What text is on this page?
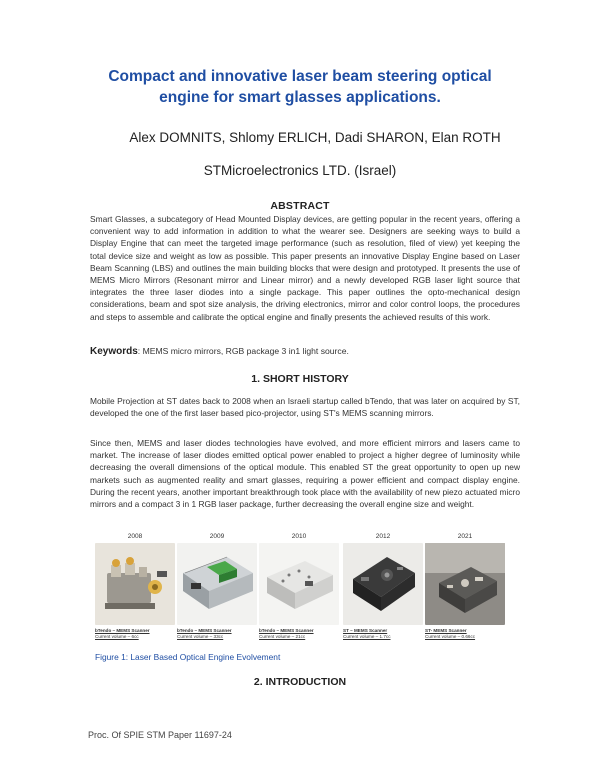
Compact and innovative laser beam steering optical
engine for smart glasses applications.
Alex DOMNITS, Shlomy ERLICH, Dadi SHARON, Elan ROTH
STMicroelectronics LTD. (Israel)
ABSTRACT
Smart Glasses, a subcategory of Head Mounted Display devices, are getting popular in the recent years, offering a convenient way to add information in addition to what the wearer see. Designers are seeking ways to build a Display Engine that can meet the targeted image performance (such as resolution, filed of view) yet keeping the total device size and weight as low as possible. This paper presents an innovative Display Engine based on Laser Beam Scanning (LBS) and outlines the main building blocks that were design and prototyped. It presents the use of MEMS Micro Mirrors (Resonant mirror and Linear mirror) and a newly developed RGB laser light source that integrates the three laser diodes into a single package. This paper outlines the opto-mechanical design considerations, beam and spot size analysis, the driving electronics, mirror and color control loops, the procedures and steps to assemble and calibrate the optical engine and finally presents the achieved results of this work.
Keywords: MEMS micro mirrors, RGB package 3 in1 light source.
1. SHORT HISTORY
Mobile Projection at ST dates back to 2008 when an Israeli startup called bTendo, that was later on acquired by ST, developed the one of the first laser based pico-projector, using ST's MEMS scanning mirrors.
Since then, MEMS and laser diodes technologies have evolved, and more efficient mirrors and lasers came to market. The increase of laser diodes emitted optical power enabled to project a higher degree of luminosity while decreasing the overall dimensions of the optical module. This enabled ST the great opportunity to open up new markets such as augmented reality and smart glasses, requiring a power efficient and compact display engine. During the recent years, another important breakthrough took place with the availability of new piezo actuated micro mirrors and a compact 3 in 1 RGB laser package, further decreasing the overall engine size and weight.
2008
bTendo – MEMS Scanner
Current volume – 6cc
2009
bTendo – MEMS Scanner
Current volume – 33cc
2010
bTendo – MEMS Scanner
Current volume – 21cc
2012
ST – MEMS Scanner
Current volume – 1.7cc
2021
ST- MEMS Scanner
Current volume – 0.66cc
Figure 1: Laser Based Optical Engine Evolvement
2. INTRODUCTION
Proc. Of SPIE STM Paper 11697-24
